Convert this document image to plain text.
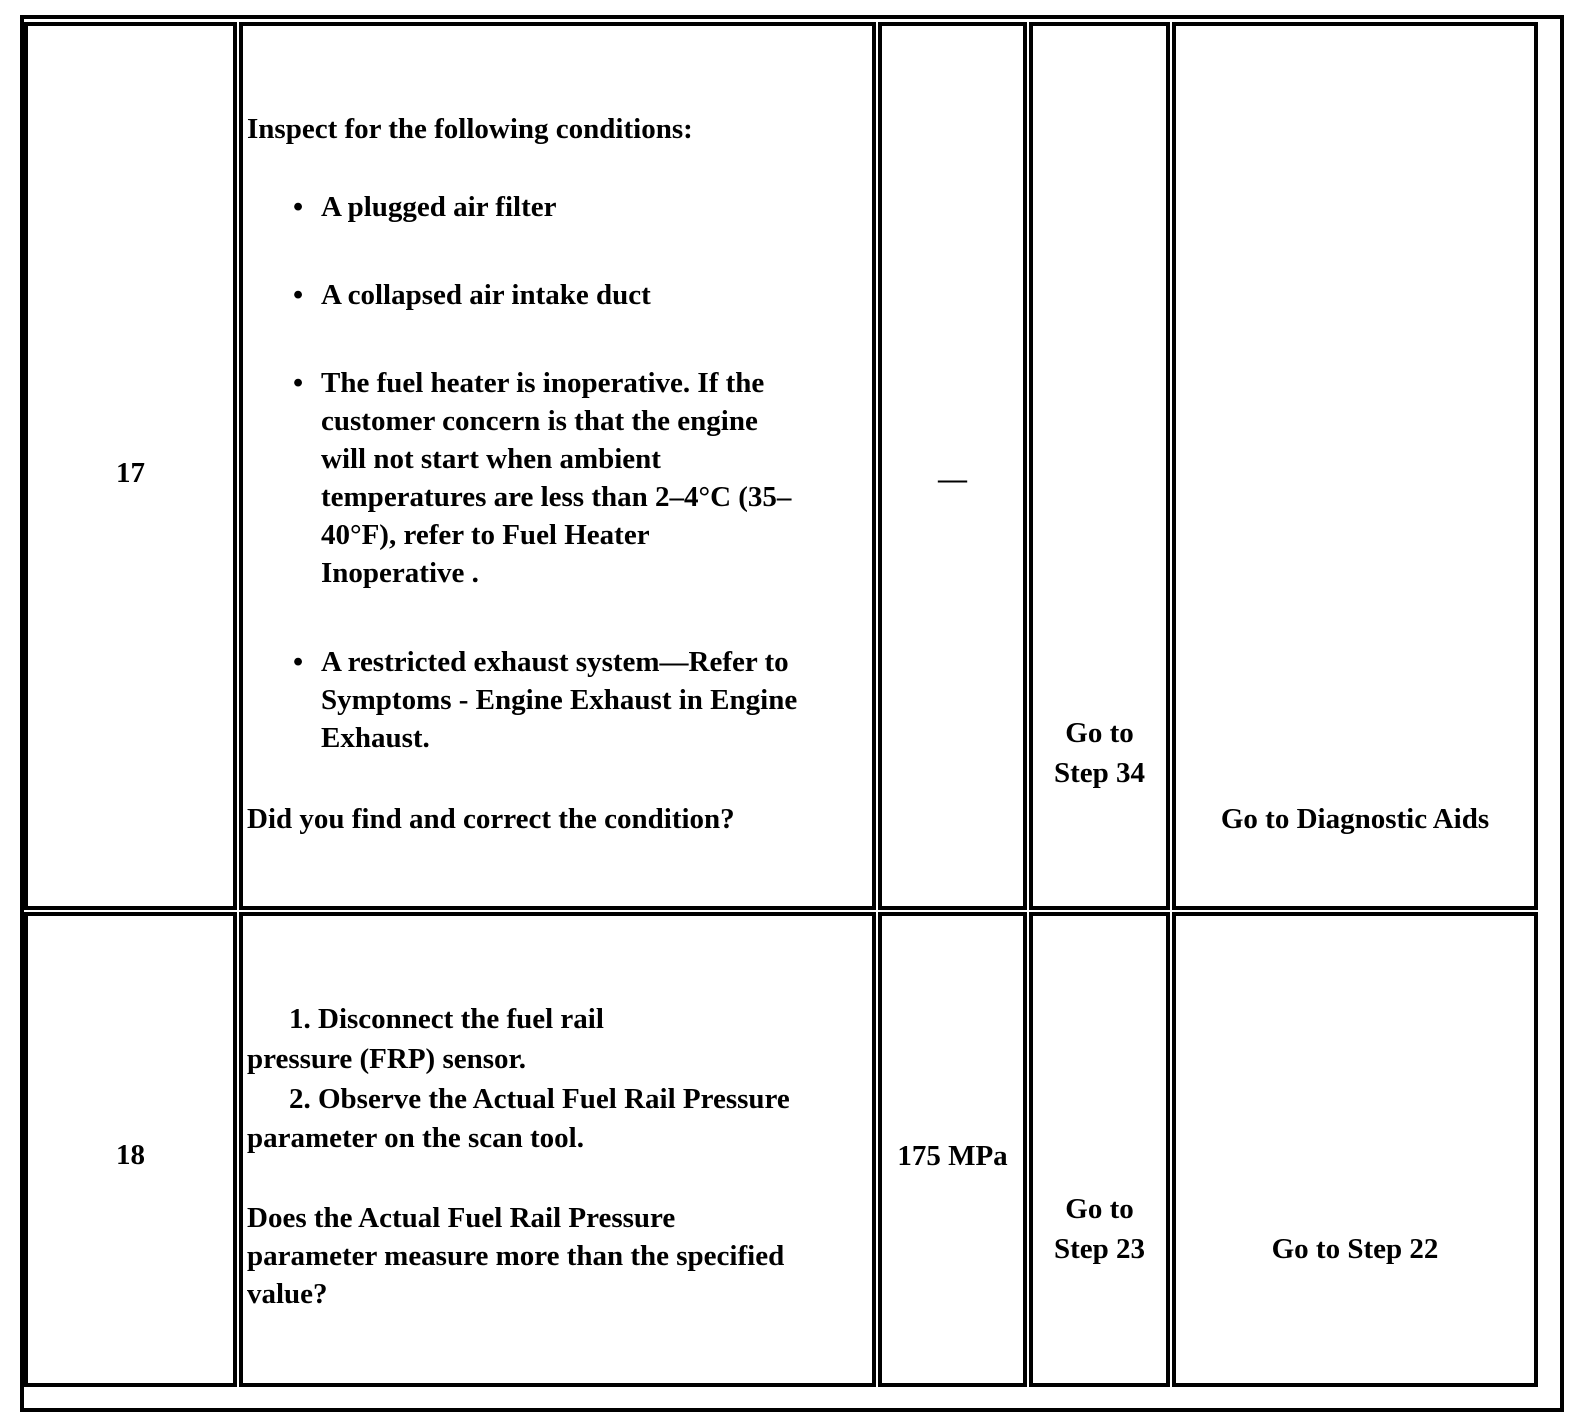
17
Inspect for the following conditions:
• A plugged air filter
• A collapsed air intake duct
• The fuel heater is inoperative. If the
customer concern is that the engine
will not start when ambient
temperatures are less than 2–4°C (35–
40°F), refer to Fuel Heater
Inoperative .
• A restricted exhaust system—Refer to
Symptoms - Engine Exhaust in Engine
Exhaust.
Did you find and correct the condition?
—
Go to
Step 34
Go to Diagnostic Aids
18
1. Disconnect the fuel rail
pressure (FRP) sensor.
2. Observe the Actual Fuel Rail Pressure
parameter on the scan tool.
Does the Actual Fuel Rail Pressure
parameter measure more than the specified
value?
175 MPa
Go to
Step 23	Go to Step 22
